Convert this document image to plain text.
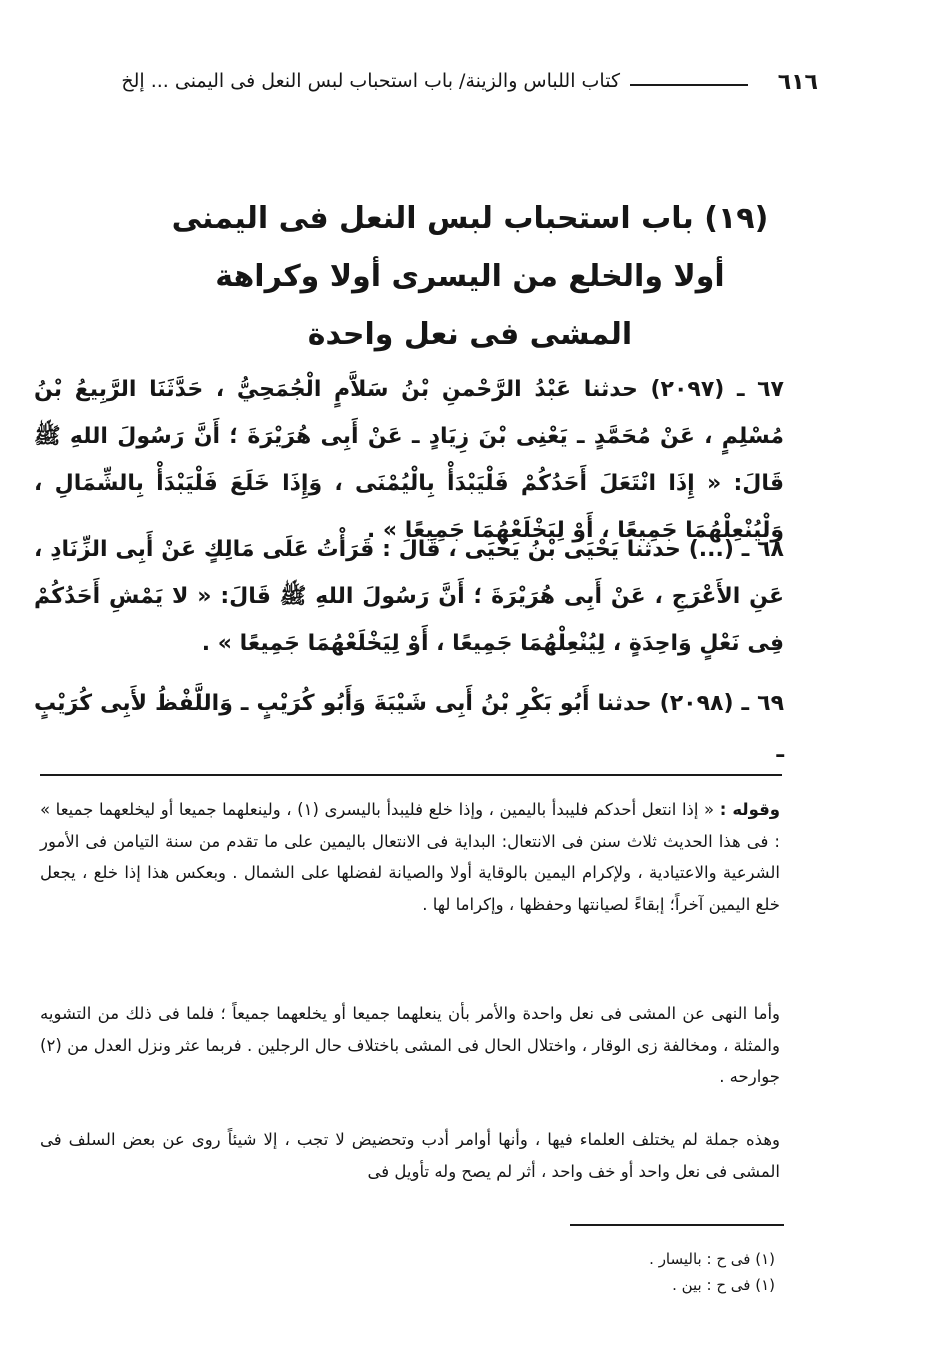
٦١٦
كتاب اللباس والزينة/ باب استحباب لبس النعل فى اليمنى ... إلخ
(١٩) باب استحباب لبس النعل فى اليمنى
أولا والخلع من اليسرى أولا وكراهة
المشى فى نعل واحدة
٦٧ ـ (٢٠٩٧) حدثنا عَبْدُ الرَّحْمنِ بْنُ سَلاَّمٍ الْجُمَحِيُّ ، حَدَّثَنَا الرَّبِيعُ بْنُ مُسْلِمٍ ، عَنْ مُحَمَّدٍ ـ يَعْنِى بْنَ زِيَادٍ ـ عَنْ أَبِى هُرَيْرَةَ ؛ أَنَّ رَسُولَ اللهِ ﷺ قَالَ: « إِذَا انْتَعَلَ أَحَدُكُمْ فَلْيَبْدَأْ بِالْيُمْنَى ، وَإِذَا خَلَعَ فَلْيَبْدَأْ بِالشِّمَالِ ، وَلْيُنْعِلْهُمَا جَمِيعًا ، أَوْ لِيَخْلَعْهُمَا جَمِيعًا » .
٦٨ ـ (...) حدثنا يَحْيَى بْنُ يَحْيَى ، قَالَ : قَرَأْتُ عَلَى مَالِكٍ عَنْ أَبِى الزِّنَادِ ، عَنِ الأَعْرَجِ ، عَنْ أَبِى هُرَيْرَةَ ؛ أَنَّ رَسُولَ اللهِ ﷺ قَالَ: « لا يَمْشِ أَحَدُكُمْ فِى نَعْلٍ وَاحِدَةٍ ، لِيُنْعِلْهُمَا جَمِيعًا ، أَوْ لِيَخْلَعْهُمَا جَمِيعًا » .
٦٩ ـ (٢٠٩٨) حدثنا أَبُو بَكْرِ بْنُ أَبِى شَيْبَةَ وَأَبُو كُرَيْبٍ ـ وَاللَّفْظُ لأَبِى كُرَيْبٍ ـ
وقوله : « إذا انتعل أحدكم فليبدأ باليمين ، وإذا خلع فليبدأ باليسرى (١) ، ولينعلهما جميعا أو ليخلعهما جميعا » : فى هذا الحديث ثلاث سنن فى الانتعال: البداية فى الانتعال باليمين على ما تقدم من سنة التيامن فى الأمور الشرعية والاعتيادية ، ولإكرام اليمين بالوقاية أولا والصيانة لفضلها على الشمال . وبعكس هذا إذا خلع ، يجعل خلع اليمين آخراً؛ إبقاءً لصيانتها وحفظها ، وإكراما لها .
وأما النهى عن المشى فى نعل واحدة والأمر بأن ينعلهما جميعا أو يخلعهما جميعاً ؛ فلما فى ذلك من التشويه والمثلة ، ومخالفة زى الوقار ، واختلال الحال فى المشى باختلاف حال الرجلين . فربما عثر ونزل العدل من (٢) جوارحه .
وهذه جملة لم يختلف العلماء فيها ، وأنها أوامر أدب وتحضيض لا تجب ، إلا شيئاً روى عن بعض السلف فى المشى فى نعل واحد أو خف واحد ، أثر لم يصح وله تأويل فى
(١) فى ح : باليسار .
(١) فى ح : بين .
